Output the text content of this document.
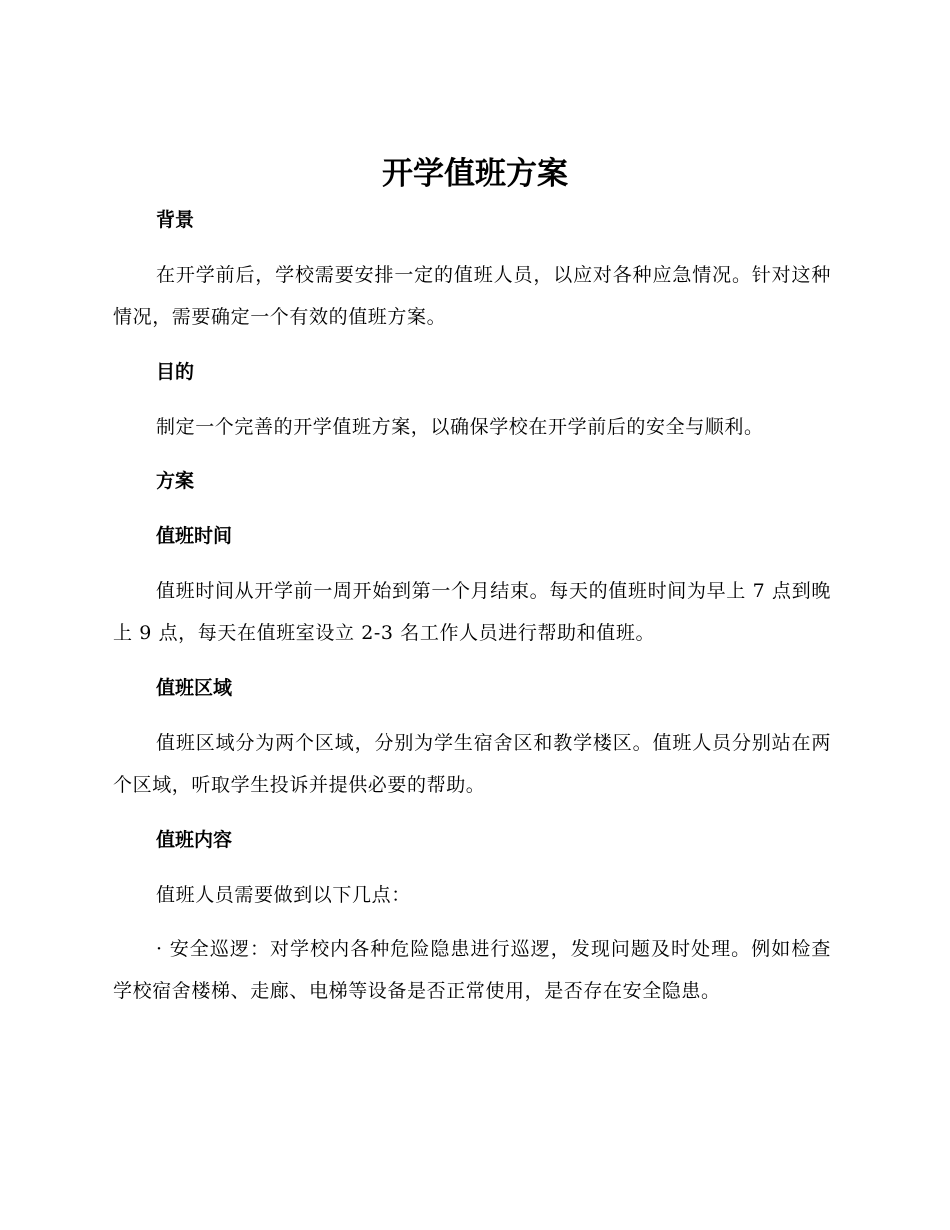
开学值班方案
背景

在开学前后，学校需要安排一定的值班人员，以应对各种应急情况。针对这种情况，需要确定一个有效的值班方案。

目的

制定一个完善的开学值班方案，以确保学校在开学前后的安全与顺利。

方案
值班时间

值班时间从开学前一周开始到第一个月结束。每天的值班时间为早上 7 点到晚上 9 点，每天在值班室设立 2-3 名工作人员进行帮助和值班。

值班区域

值班区域分为两个区域，分别为学生宿舍区和教学楼区。值班人员分别站在两个区域，听取学生投诉并提供必要的帮助。

值班内容

值班人员需要做到以下几点：

· 安全巡逻：对学校内各种危险隐患进行巡逻，发现问题及时处理。例如检查学校宿舍楼梯、走廊、电梯等设备是否正常使用，是否存在安全隐患。
